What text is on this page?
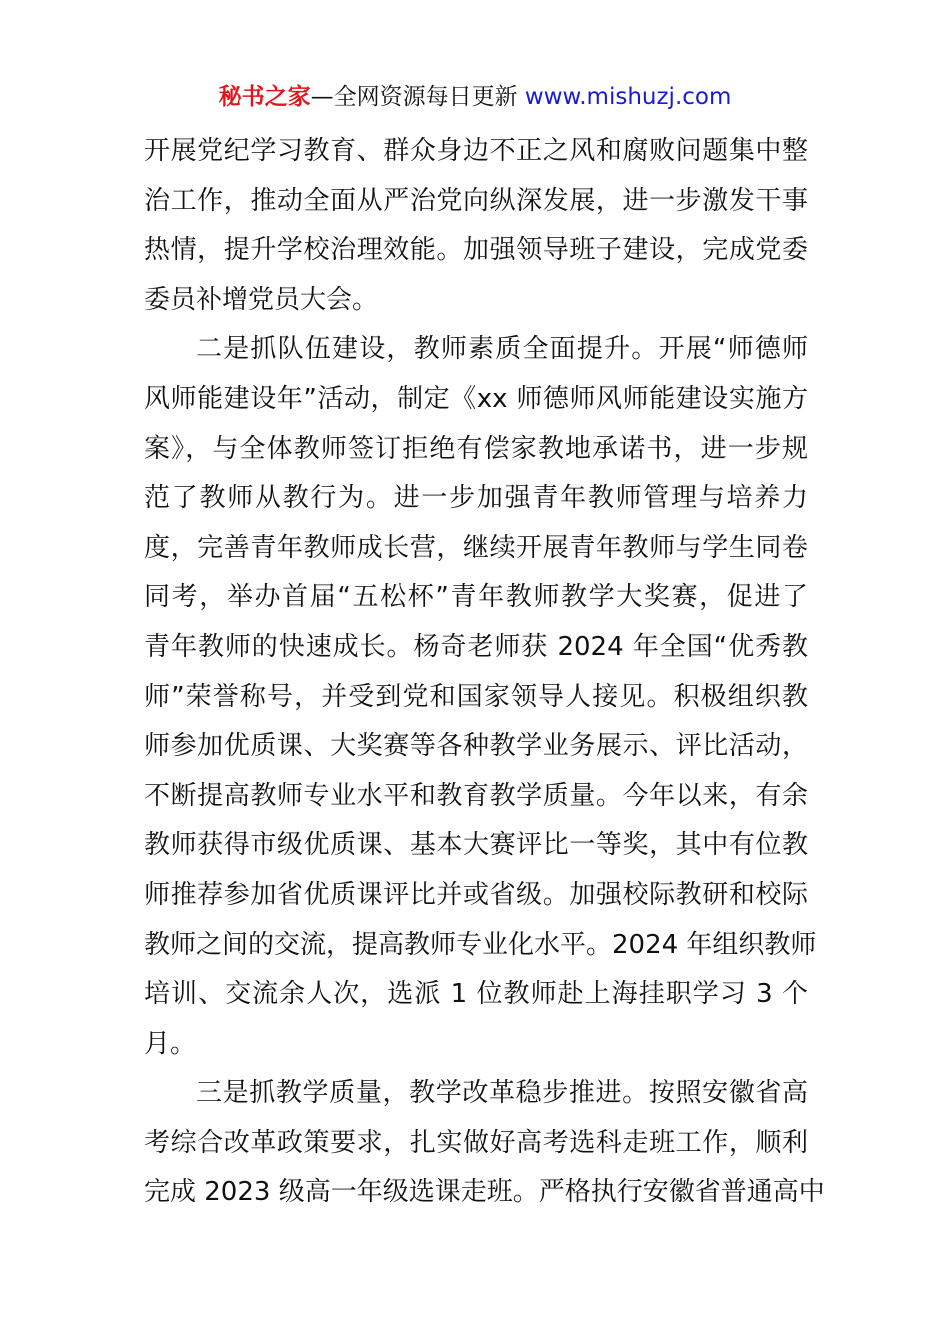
秘书之家—全网资源每日更新 www.mishuzj.com
开展党纪学习教育、群众身边不正之风和腐败问题集中整
治工作，推动全面从严治党向纵深发展，进一步激发干事
热情，提升学校治理效能。加强领导班子建设，完成党委
委员补增党员大会。
二是抓队伍建设，教师素质全面提升。开展“师德师
风师能建设年”活动，制定《xx 师德师风师能建设实施方
案》，与全体教师签订拒绝有偿家教地承诺书，进一步规
范了教师从教行为。进一步加强青年教师管理与培养力
度，完善青年教师成长营，继续开展青年教师与学生同卷
同考，举办首届“五松杯”青年教师教学大奖赛，促进了
青年教师的快速成长。杨奇老师获 2024 年全国“优秀教
师”荣誉称号，并受到党和国家领导人接见。积极组织教
师参加优质课、大奖赛等各种教学业务展示、评比活动，
不断提高教师专业水平和教育教学质量。今年以来，有余
教师获得市级优质课、基本大赛评比一等奖，其中有位教
师推荐参加省优质课评比并或省级。加强校际教研和校际
教师之间的交流，提高教师专业化水平。2024 年组织教师
培训、交流余人次，选派 1 位教师赴上海挂职学习 3 个
月。
三是抓教学质量，教学改革稳步推进。按照安徽省高
考综合改革政策要求，扎实做好高考选科走班工作，顺利
完成 2023 级高一年级选课走班。严格执行安徽省普通高中
